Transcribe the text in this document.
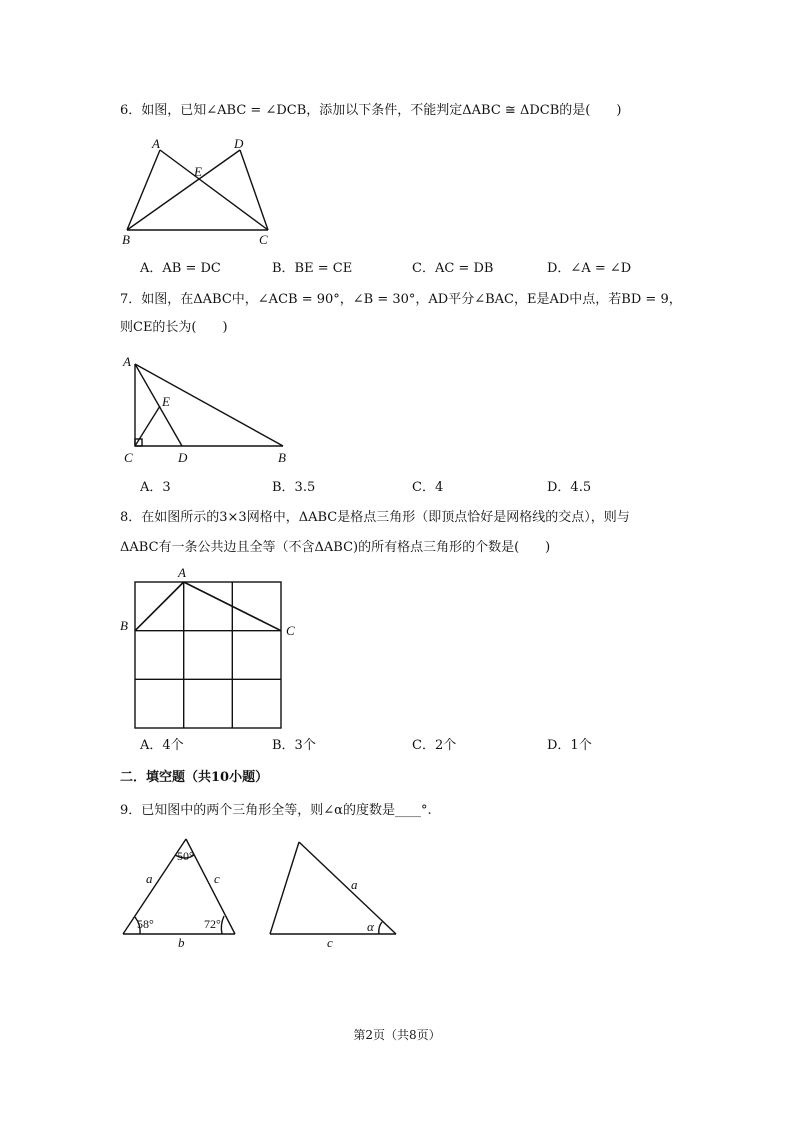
6．如图，已知∠ABC = ∠DCB，添加以下条件，不能判定ΔABC ≅ ΔDCB的是(　　)
A	D
E
B	C
A．AB = DC	B．BE = CE	C．AC = DB	D．∠A = ∠D
7．如图，在ΔABC中，∠ACB = 90°，∠B = 30°，AD平分∠BAC，E是AD中点，若BD = 9，
则CE的长为(　　)
A
E
C	D	B
A．3	B．3.5	C．4	D．4.5
8．在如图所示的3×3网格中，ΔABC是格点三角形（即顶点恰好是网格线的交点），则与
ΔABC有一条公共边且全等（不含ΔABC)的所有格点三角形的个数是(　　)
A
B	C
A．4个	B．3个	C．2个	D．1个
二．填空题（共10小题）
9．已知图中的两个三角形全等，则∠α的度数是____°.
50°
58°	72°
a	c
b
a
c
α
第2页（共8页）
